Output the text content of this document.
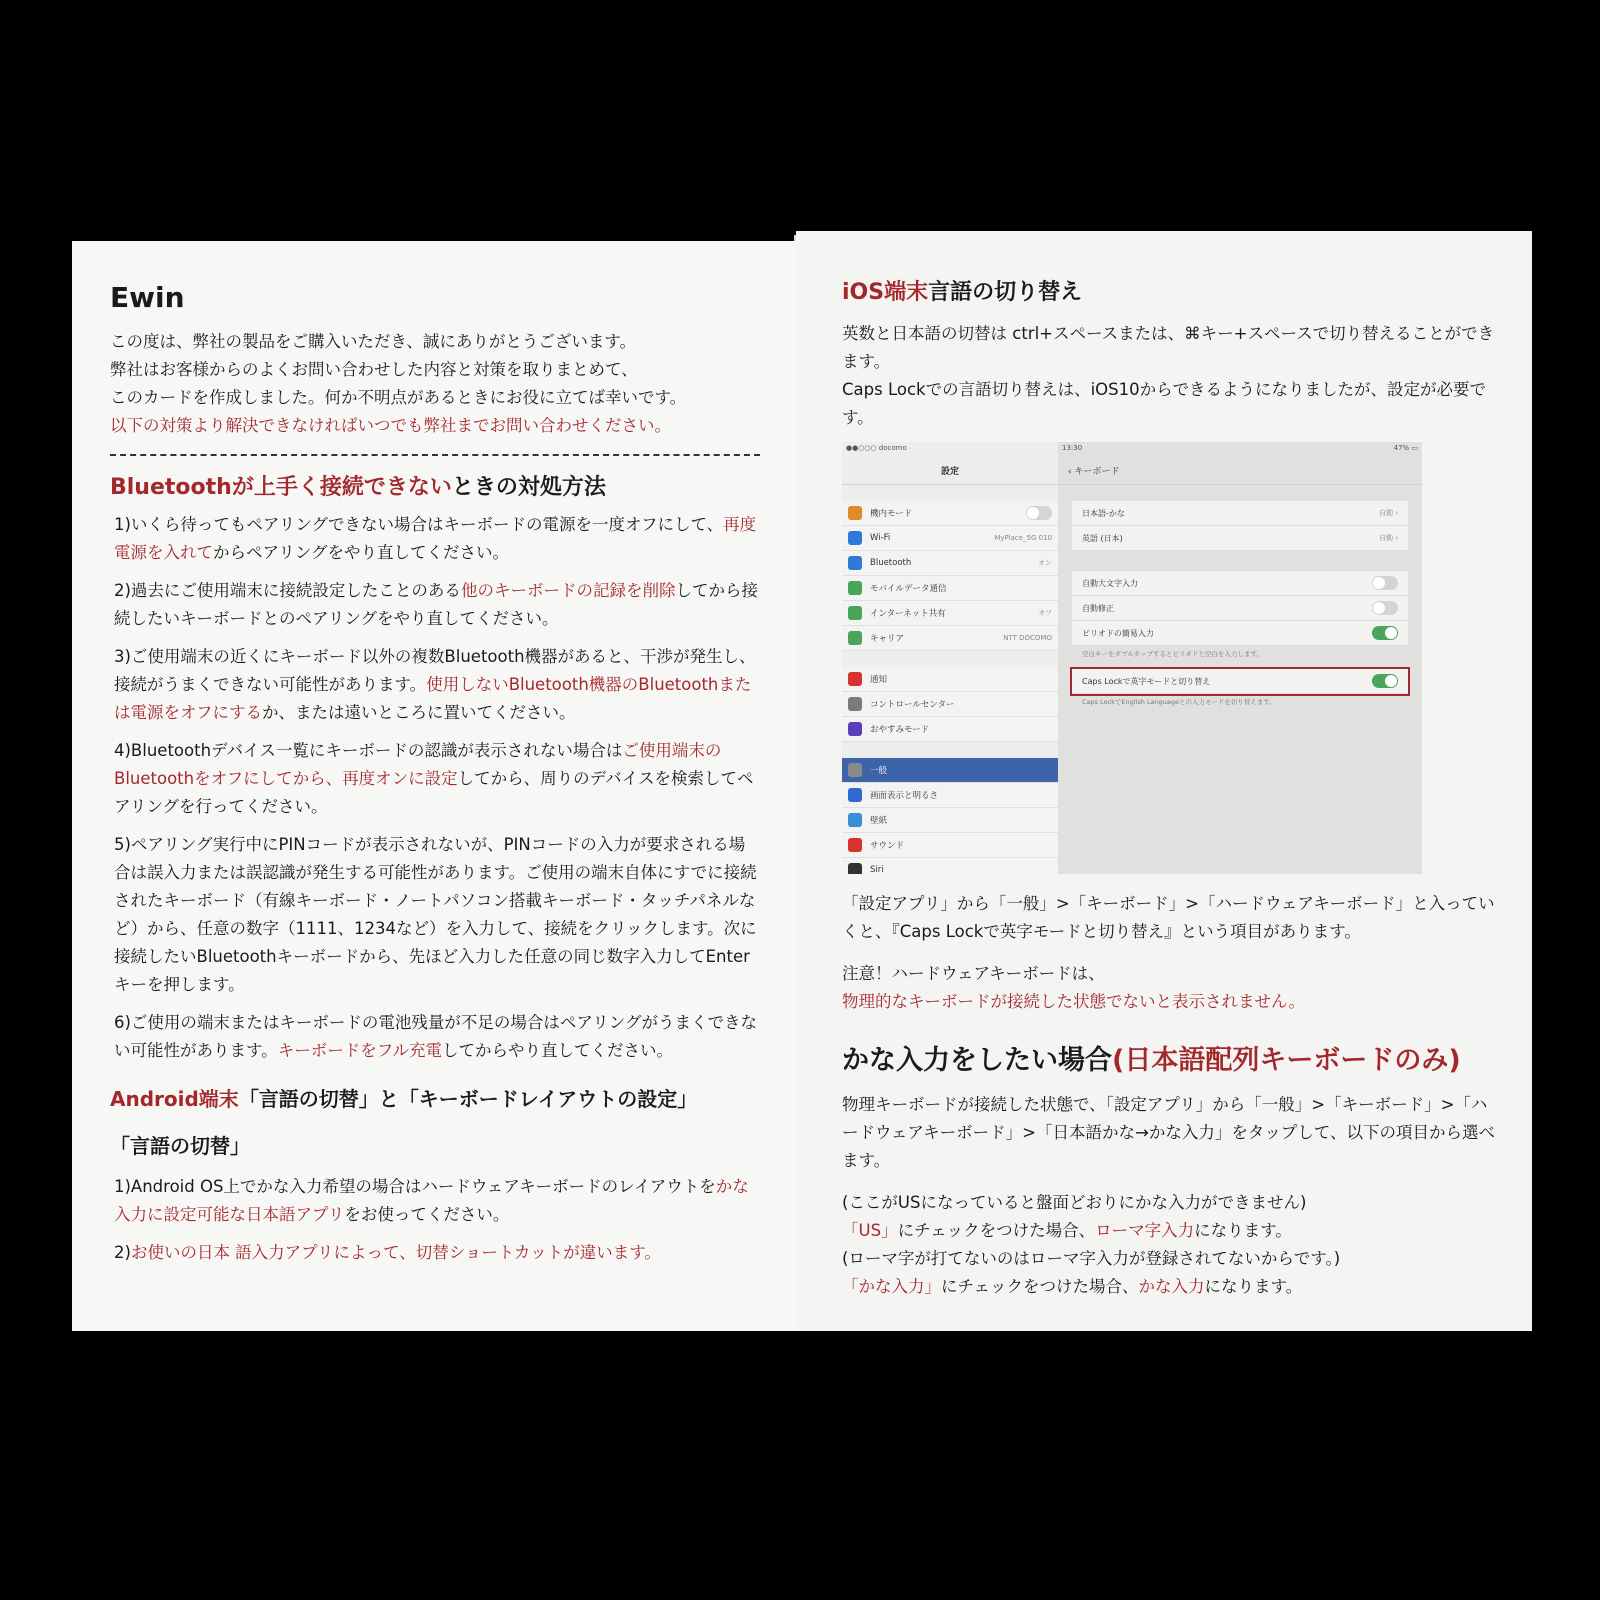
Ewin

この度は、弊社の製品をご購入いただき、誠にありがとうございます。

弊社はお客様からのよくお問い合わせした内容と対策を取りまとめて、

このカードを作成しました。何か不明点があるときにお役に立てば幸いです。

以下の対策より解決できなければいつでも弊社までお問い合わせください。

Bluetoothが上手く接続できないときの対処方法
1)いくら待ってもペアリングできない場合はキーボードの電源を一度オフにして、再度電源を入れてからペアリングをやり直してください。
2)過去にご使用端末に接続設定したことのある他のキーボードの記録を削除してから接続したいキーボードとのペアリングをやり直してください。
3)ご使用端末の近くにキーボード以外の複数Bluetooth機器があると、干渉が発生し、接続がうまくできない可能性があります。使用しないBluetooth機器のBluetoothまたは電源をオフにするか、または遠いところに置いてください。
4)Bluetoothデバイス一覧にキーボードの認識が表示されない場合はご使用端末のBluetoothをオフにしてから、再度オンに設定してから、周りのデバイスを検索してペアリングを行ってください。
5)ペアリング実行中にPINコードが表示されないが、PINコードの入力が要求される場合は誤入力または誤認識が発生する可能性があります。ご使用の端末自体にすでに接続されたキーボード（有線キーボード・ノートパソコン搭載キーボード・タッチパネルなど）から、任意の数字（1111、1234など）を入力して、接続をクリックします。次に接続したいBluetoothキーボードから、先ほど入力した任意の同じ数字入力してEnterキーを押します。
6)ご使用の端末またはキーボードの電池残量が不足の場合はペアリングがうまくできない可能性があります。キーボードをフル充電してからやり直してください。
Android端末「言語の切替」と「キーボードレイアウトの設定」
「言語の切替」
1)Android OS上でかな入力希望の場合はハードウェアキーボードのレイアウトをかな入力に設定可能な日本語アプリをお使ってください。
2)お使いの日本 語入力アプリによって、切替ショートカットが違います。
iOS端末言語の切り替え

英数と日本語の切替は ctrl+スペースまたは、⌘キー+スペースで切り替えることができます。

Caps Lockでの言語切り替えは、iOS10からできるようになりましたが、設定が必要です。

●●○○○ docomo
設定
機内モード
Wi-Fi	MyPlace_5G 010
Bluetooth	オン
モバイルデータ通信
インターネット共有	オフ
キャリア	NTT DOCOMO
通知
コントロールセンター
おやすみモード
一般
画面表示と明るさ
壁紙
サウンド
Siri
13:30	47% ▭
‹ キーボード
日本語-かな	自動 ›
英語 (日本)	自動 ›
自動大文字入力
自動修正
ピリオドの簡易入力
空白キーをダブルタップするとピリオドと空白を入力します。
Caps Lockで英字モードと切り替え
Caps LockでEnglish Languageとの入力モードを切り替えます。

「設定アプリ」から「一般」>「キーボード」>「ハードウェアキーボード」と入っていくと、『Caps Lockで英字モードと切り替え』という項目があります。

注意！ハードウェアキーボードは、

物理的なキーボードが接続した状態でないと表示されません。

かな入力をしたい場合(日本語配列キーボードのみ)

物理キーボードが接続した状態で、「設定アプリ」から「一般」>「キーボード」>「ハードウェアキーボード」>「日本語かな→かな入力」をタップして、以下の項目から選べます。

(ここがUSになっていると盤面どおりにかな入力ができません)

「US」にチェックをつけた場合、ローマ字入力になります。

(ローマ字が打てないのはローマ字入力が登録されてないからです。)

「かな入力」にチェックをつけた場合、かな入力になります。
